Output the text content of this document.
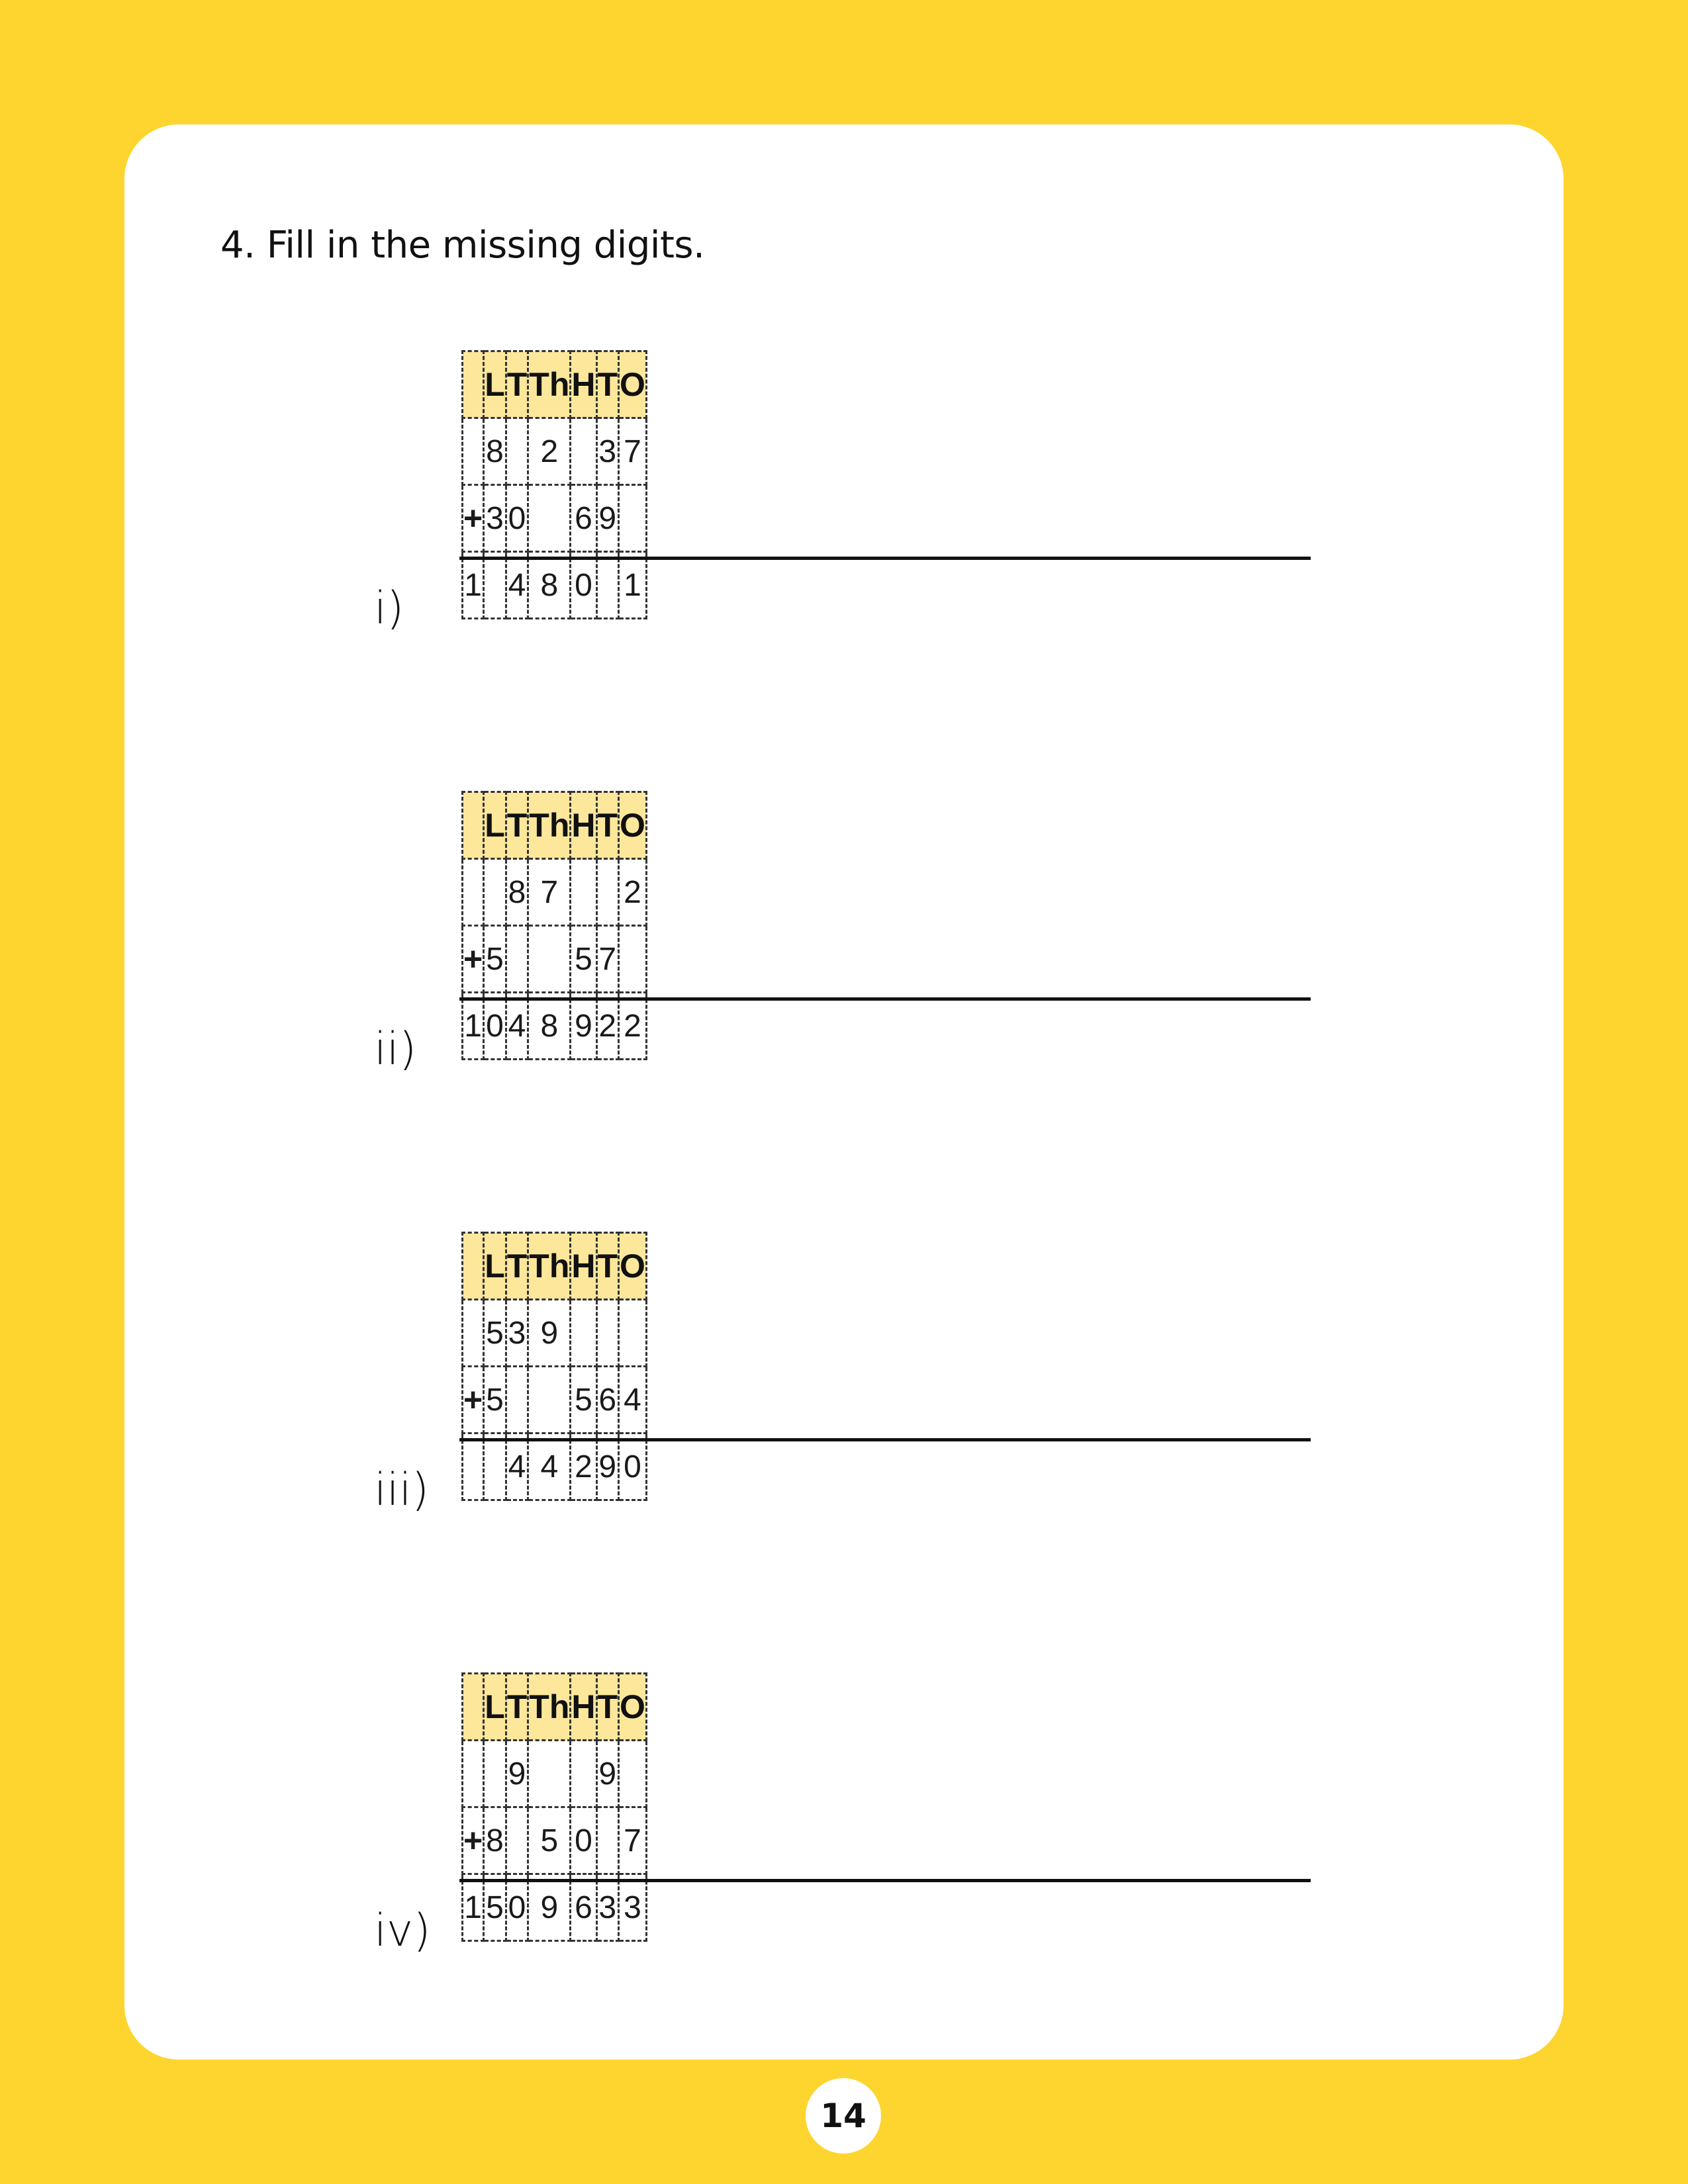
4. Fill in the missing digits.
i)
	L	T	Th	H	T	O
	8		2		3	7
+	3	0		6	9	
1		4	8	0		1
ii)
	L	T	Th	H	T	O
		8	7			2
+	5			5	7	
1	0	4	8	9	2	2
iii)
	L	T	Th	H	T	O
	5	3	9			
+	5			5	6	4
		4	4	2	9	0
iv)
	L	T	Th	H	T	O
		9			9	
+	8		5	0		7
1	5	0	9	6	3	3
14
